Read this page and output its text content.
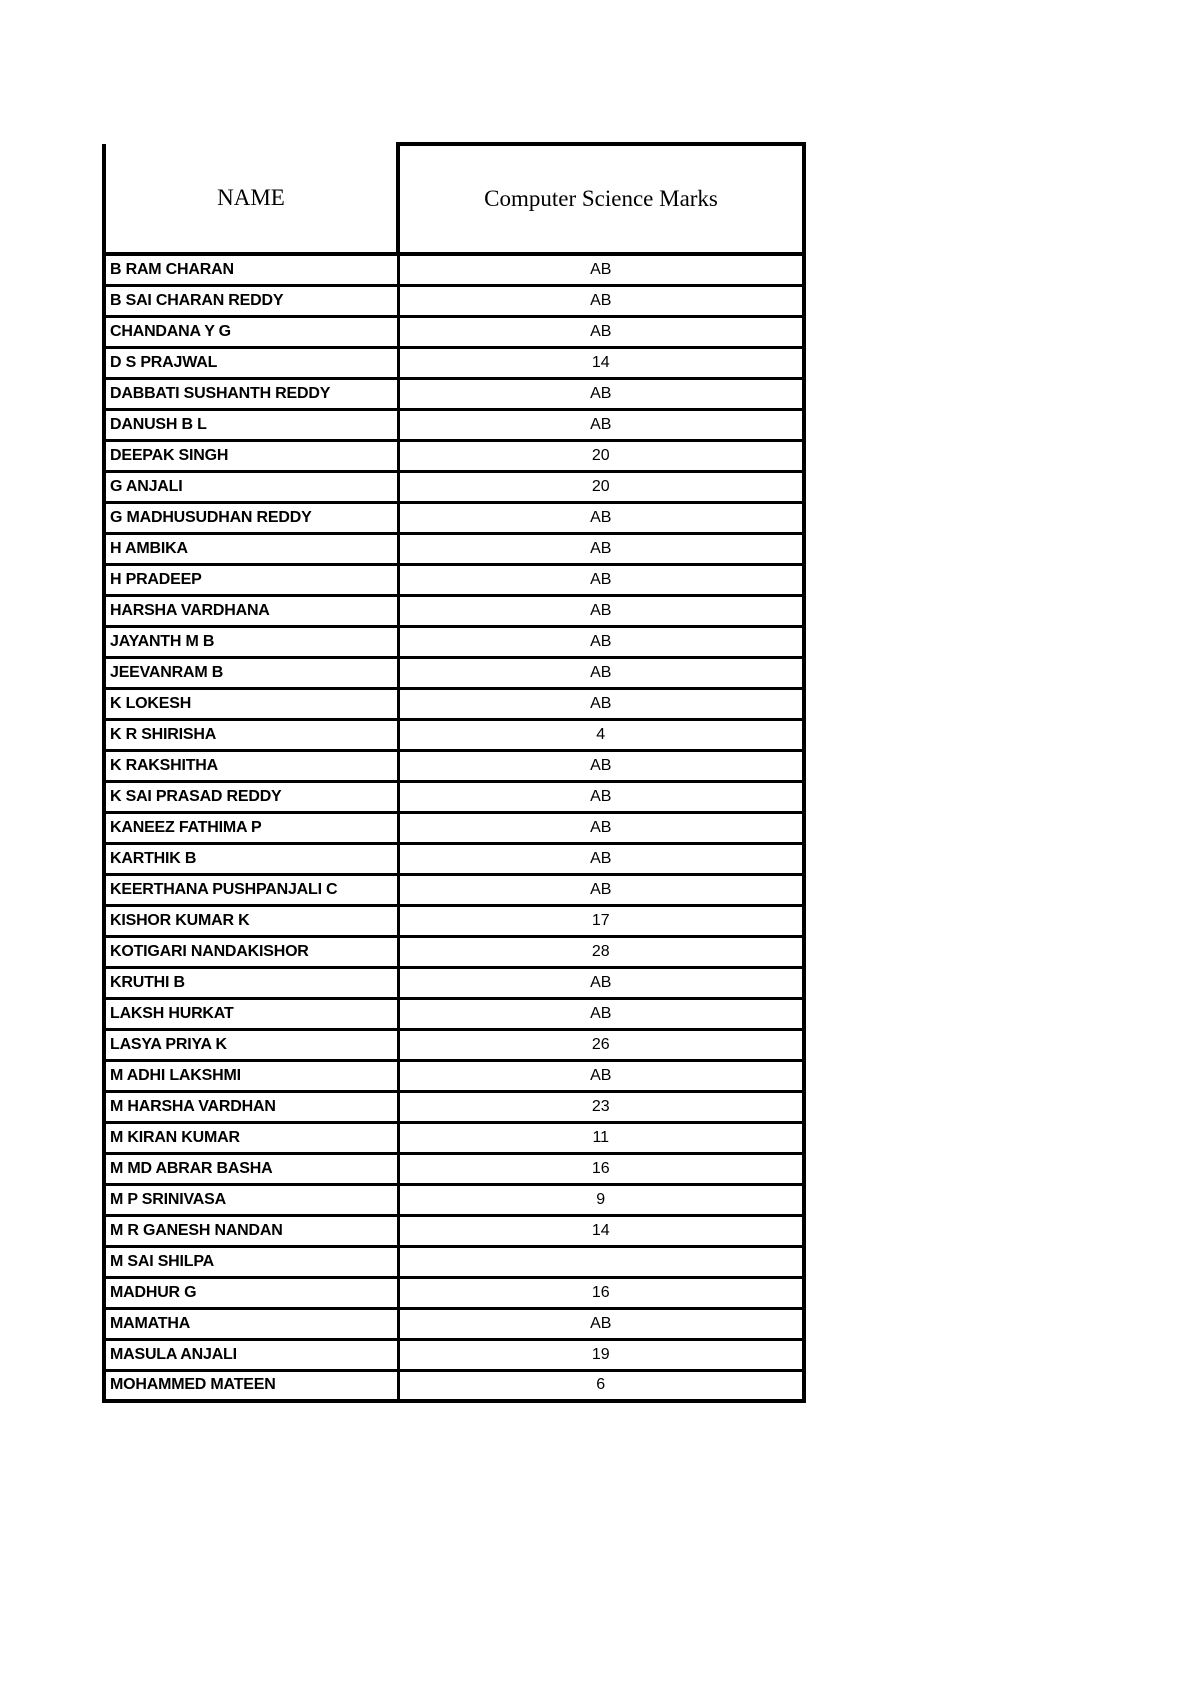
NAME	Computer Science Marks
B RAM CHARAN	AB
B SAI CHARAN REDDY	AB
CHANDANA Y G	AB
D S PRAJWAL	14
DABBATI SUSHANTH REDDY	AB
DANUSH B L	AB
DEEPAK SINGH	20
G ANJALI	20
G MADHUSUDHAN REDDY	AB
H AMBIKA	AB
H PRADEEP	AB
HARSHA VARDHANA	AB
JAYANTH M B	AB
JEEVANRAM B	AB
K LOKESH	AB
K R SHIRISHA	4
K RAKSHITHA	AB
K SAI PRASAD REDDY	AB
KANEEZ FATHIMA P	AB
KARTHIK B	AB
KEERTHANA PUSHPANJALI C	AB
KISHOR KUMAR K	17
KOTIGARI NANDAKISHOR	28
KRUTHI B	AB
LAKSH HURKAT	AB
LASYA PRIYA K	26
M ADHI LAKSHMI	AB
M HARSHA VARDHAN	23
M KIRAN KUMAR	11
M MD ABRAR BASHA	16
M P SRINIVASA	9
M R GANESH NANDAN	14
M SAI SHILPA	
MADHUR G	16
MAMATHA	AB
MASULA ANJALI	19
MOHAMMED MATEEN	6
